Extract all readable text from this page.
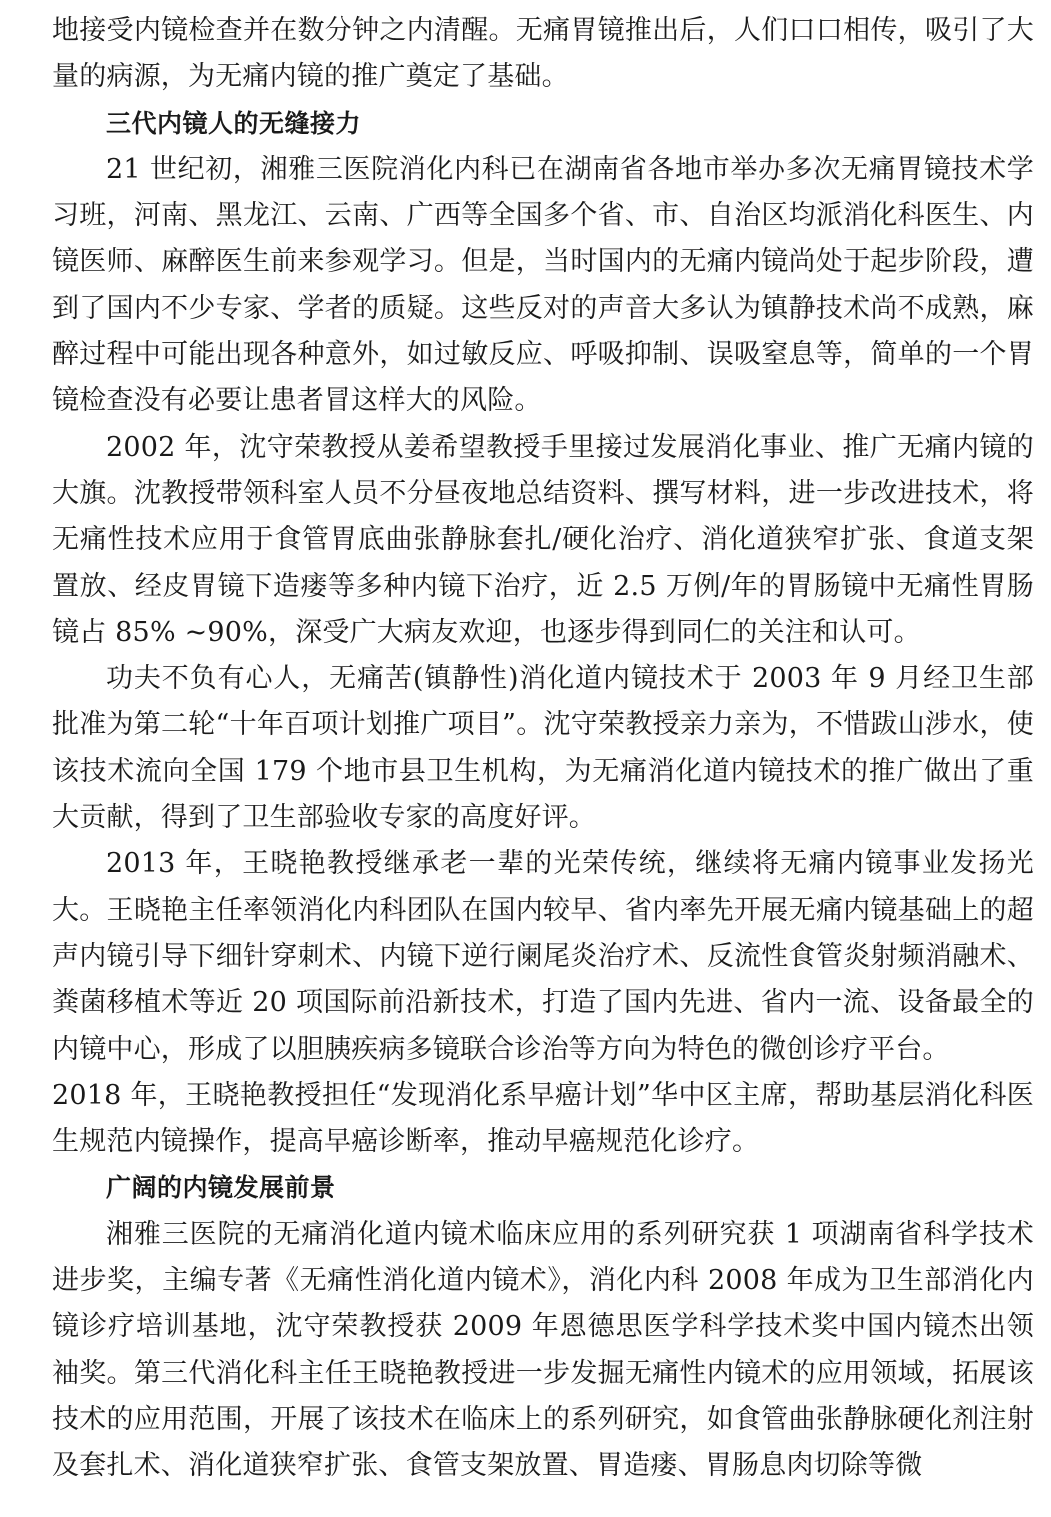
地接受内镜检查并在数分钟之内清醒。无痛胃镜推出后，人们口口相传，吸引了大量的病源，为无痛内镜的推广奠定了基础。

三代内镜人的无缝接力

21 世纪初，湘雅三医院消化内科已在湖南省各地市举办多次无痛胃镜技术学习班，河南、黑龙江、云南、广西等全国多个省、市、自治区均派消化科医生、内镜医师、麻醉医生前来参观学习。但是，当时国内的无痛内镜尚处于起步阶段，遭到了国内不少专家、学者的质疑。这些反对的声音大多认为镇静技术尚不成熟，麻醉过程中可能出现各种意外，如过敏反应、呼吸抑制、误吸窒息等，简单的一个胃镜检查没有必要让患者冒这样大的风险。

2002 年，沈守荣教授从姜希望教授手里接过发展消化事业、推广无痛内镜的大旗。沈教授带领科室人员不分昼夜地总结资料、撰写材料，进一步改进技术，将无痛性技术应用于食管胃底曲张静脉套扎/硬化治疗、消化道狭窄扩张、食道支架置放、经皮胃镜下造瘘等多种内镜下治疗，近 2.5 万例/年的胃肠镜中无痛性胃肠镜占 85% ~90%，深受广大病友欢迎，也逐步得到同仁的关注和认可。

功夫不负有心人，无痛苦(镇静性)消化道内镜技术于 2003 年 9 月经卫生部批准为第二轮“十年百项计划推广项目”。沈守荣教授亲力亲为，不惜跋山涉水，使该技术流向全国 179 个地市县卫生机构，为无痛消化道内镜技术的推广做出了重大贡献，得到了卫生部验收专家的高度好评。

2013 年，王晓艳教授继承老一辈的光荣传统，继续将无痛内镜事业发扬光大。王晓艳主任率领消化内科团队在国内较早、省内率先开展无痛内镜基础上的超声内镜引导下细针穿刺术、内镜下逆行阑尾炎治疗术、反流性食管炎射频消融术、粪菌移植术等近 20 项国际前沿新技术，打造了国内先进、省内一流、设备最全的内镜中心，形成了以胆胰疾病多镜联合诊治等方向为特色的微创诊疗平台。

2018 年，王晓艳教授担任“发现消化系早癌计划”华中区主席，帮助基层消化科医生规范内镜操作，提高早癌诊断率，推动早癌规范化诊疗。

广阔的内镜发展前景

湘雅三医院的无痛消化道内镜术临床应用的系列研究获 1 项湖南省科学技术进步奖，主编专著《无痛性消化道内镜术》，消化内科 2008 年成为卫生部消化内镜诊疗培训基地，沈守荣教授获 2009 年恩德思医学科学技术奖中国内镜杰出领袖奖。第三代消化科主任王晓艳教授进一步发掘无痛性内镜术的应用领域，拓展该技术的应用范围，开展了该技术在临床上的系列研究，如食管曲张静脉硬化剂注射及套扎术、消化道狭窄扩张、食管支架放置、胃造瘘、胃肠息肉切除等微
